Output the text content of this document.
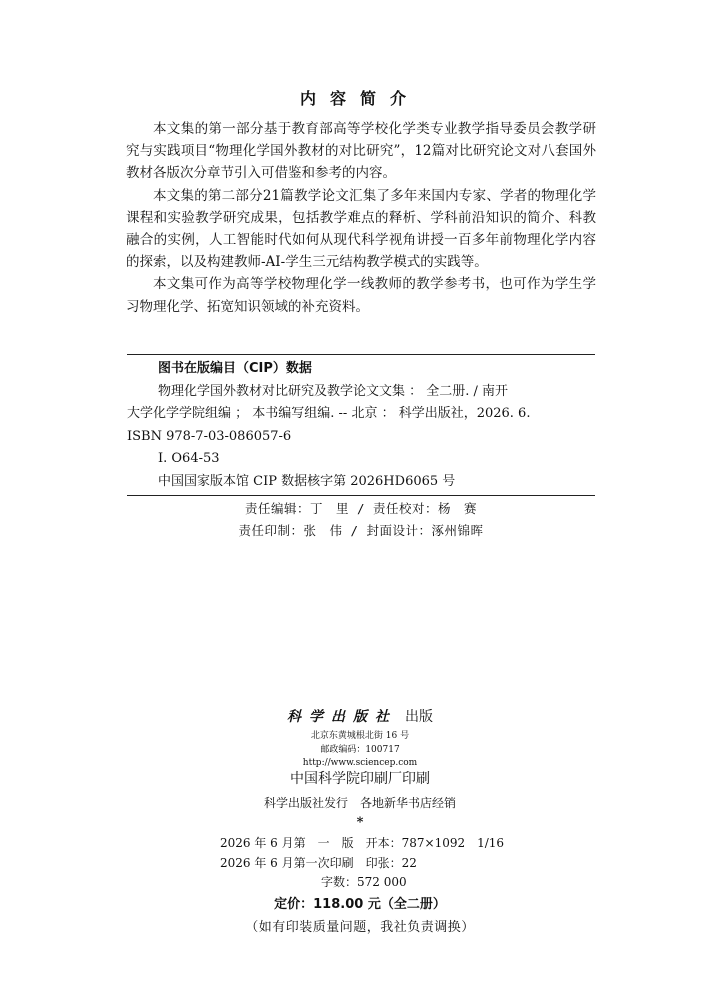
内容简介

本文集的第一部分基于教育部高等学校化学类专业教学指导委员会教学研究与实践项目“物理化学国外教材的对比研究”，12篇对比研究论文对八套国外教材各版次分章节引入可借鉴和参考的内容。

本文集的第二部分21篇教学论文汇集了多年来国内专家、学者的物理化学课程和实验教学研究成果，包括教学难点的释析、学科前沿知识的简介、科教融合的实例，人工智能时代如何从现代科学视角讲授一百多年前物理化学内容的探索，以及构建教师-AI-学生三元结构教学模式的实践等。

本文集可作为高等学校物理化学一线教师的教学参考书，也可作为学生学习物理化学、拓宽知识领域的补充资料。

图书在版编目（CIP）数据
物理化学国外教材对比研究及教学论文文集 ： 全二册. / 南开
大学化学学院组编 ； 本书编写组编. -- 北京 ： 科学出版社，2026. 6.
ISBN 978-7-03-086057-6
Ⅰ. O64-53
中国国家版本馆 CIP 数据核字第 2026HD6065 号
责任编辑：丁　里 / 责任校对：杨　赛
责任印制：张　伟 / 封面设计：涿州锦晖
科学出版社 出版
北京东黄城根北街 16 号
邮政编码：100717
http://www.sciencep.com
中国科学院印刷厂印刷
科学出版社发行　各地新华书店经销
*
2026 年 6 月第　一　版　开本：787×1092　1/16
2026 年 6 月第一次印刷　印张：22
字数：572 000
定价：118.00 元（全二册）
（如有印装质量问题，我社负责调换）
